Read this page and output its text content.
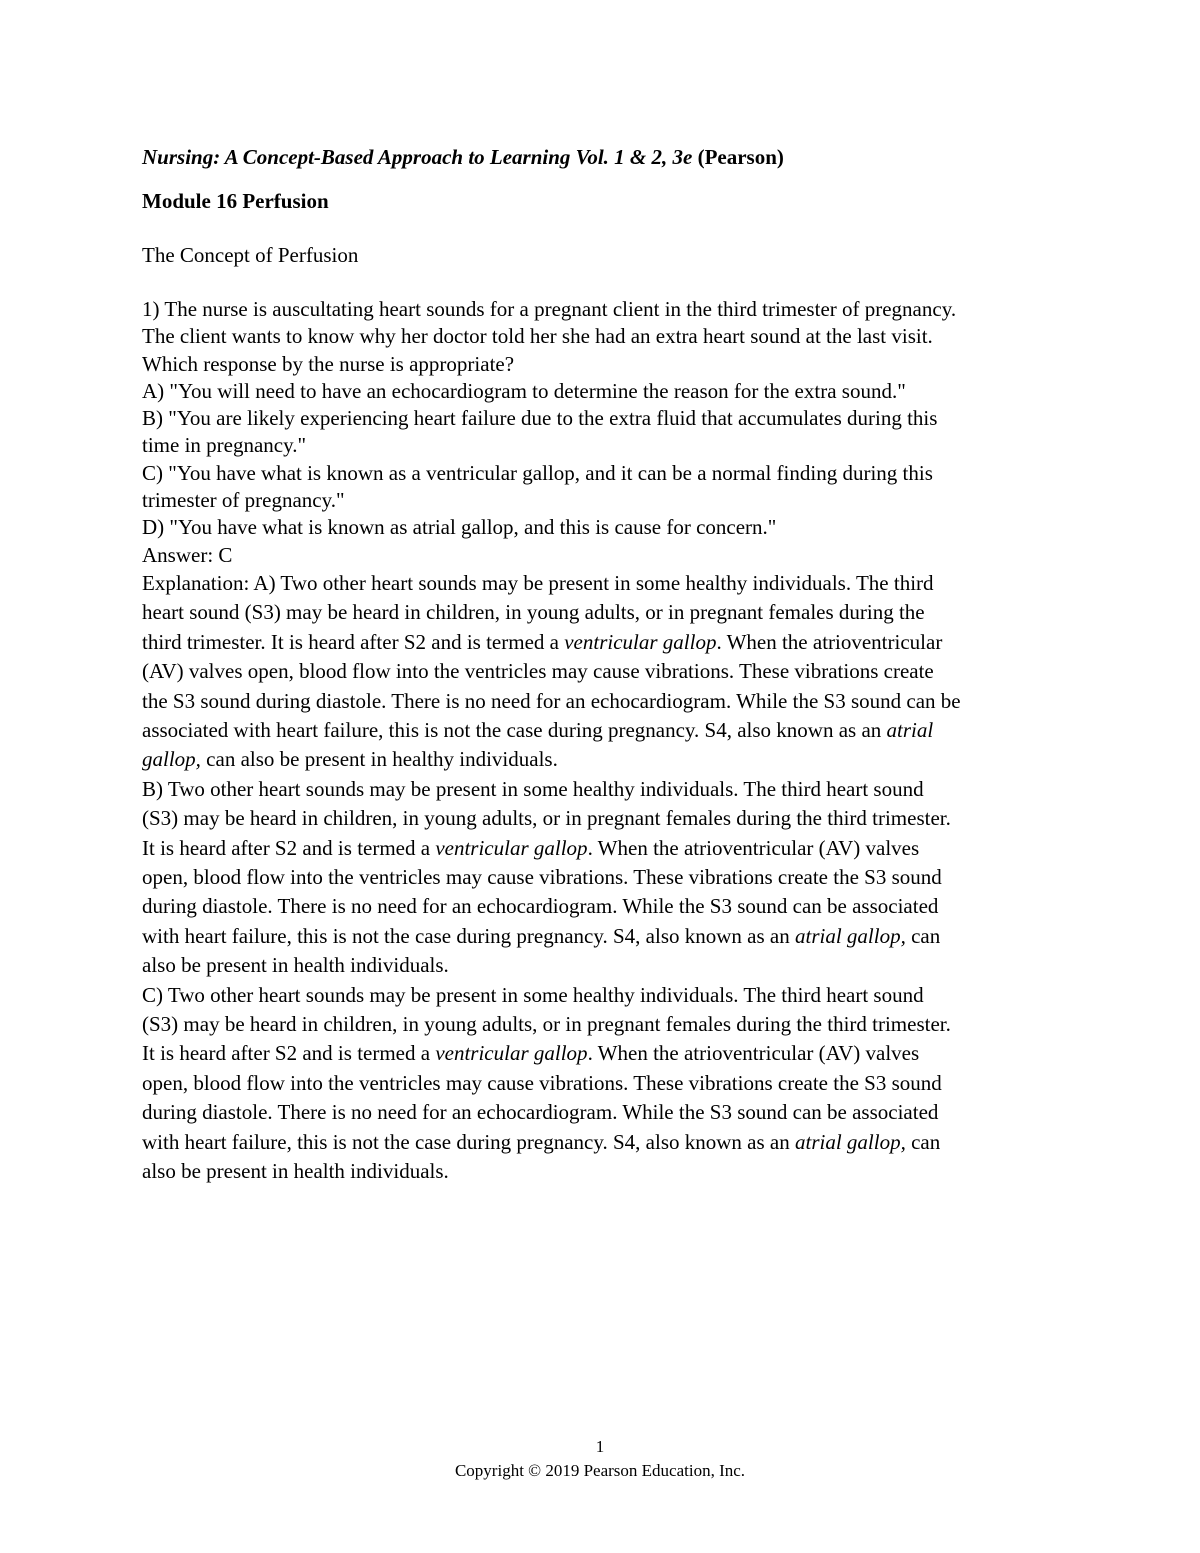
Nursing: A Concept-Based Approach to Learning Vol. 1 & 2, 3e (Pearson)

Module 16 Perfusion

The Concept of Perfusion

1) The nurse is auscultating heart sounds for a pregnant client in the third trimester of pregnancy.
The client wants to know why her doctor told her she had an extra heart sound at the last visit.
Which response by the nurse is appropriate?
A) "You will need to have an echocardiogram to determine the reason for the extra sound."
B) "You are likely experiencing heart failure due to the extra fluid that accumulates during this
time in pregnancy."
C) "You have what is known as a ventricular gallop, and it can be a normal finding during this
trimester of pregnancy."
D) "You have what is known as atrial gallop, and this is cause for concern."
Answer: C
Explanation: A) Two other heart sounds may be present in some healthy individuals. The third
heart sound (S3) may be heard in children, in young adults, or in pregnant females during the
third trimester. It is heard after S2 and is termed a ventricular gallop. When the atrioventricular
(AV) valves open, blood flow into the ventricles may cause vibrations. These vibrations create
the S3 sound during diastole. There is no need for an echocardiogram. While the S3 sound can be
associated with heart failure, this is not the case during pregnancy. S4, also known as an atrial
gallop, can also be present in healthy individuals.
B) Two other heart sounds may be present in some healthy individuals. The third heart sound
(S3) may be heard in children, in young adults, or in pregnant females during the third trimester.
It is heard after S2 and is termed a ventricular gallop. When the atrioventricular (AV) valves
open, blood flow into the ventricles may cause vibrations. These vibrations create the S3 sound
during diastole. There is no need for an echocardiogram. While the S3 sound can be associated
with heart failure, this is not the case during pregnancy. S4, also known as an atrial gallop, can
also be present in health individuals.
C) Two other heart sounds may be present in some healthy individuals. The third heart sound
(S3) may be heard in children, in young adults, or in pregnant females during the third trimester.
It is heard after S2 and is termed a ventricular gallop. When the atrioventricular (AV) valves
open, blood flow into the ventricles may cause vibrations. These vibrations create the S3 sound
during diastole. There is no need for an echocardiogram. While the S3 sound can be associated
with heart failure, this is not the case during pregnancy. S4, also known as an atrial gallop, can
also be present in health individuals.
1
Copyright © 2019 Pearson Education, Inc.
